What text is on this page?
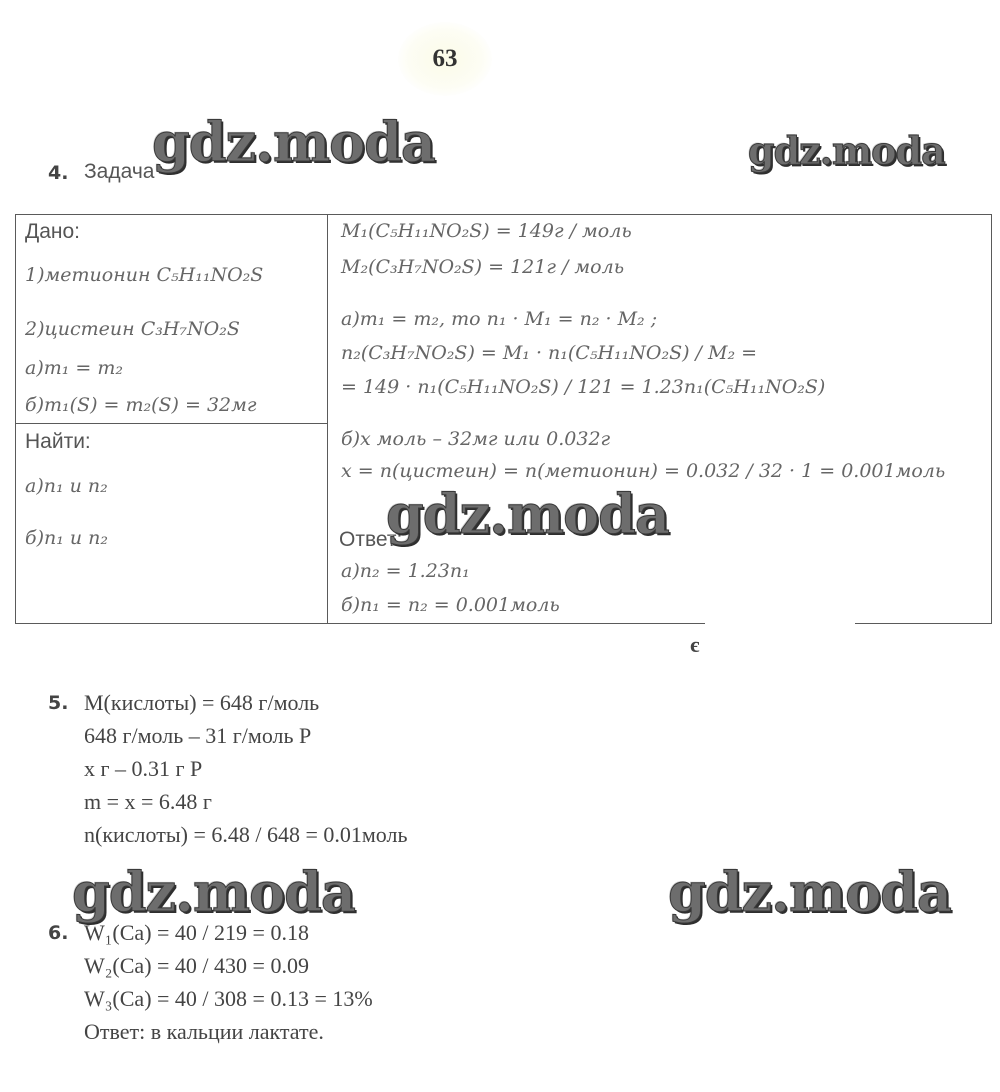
63
gdz.moda	gdz.moda
4. Задача
Дано:
1)метионин C₅H₁₁NO₂S
2)цистеин C₃H₇NO₂S
а)m₁ = m₂
б)m₁(S) = m₂(S) = 32мг
Найти:
а)n₁ и n₂
б)n₁ и n₂
M₁(C₅H₁₁NO₂S) = 149г / моль
M₂(C₃H₇NO₂S) = 121г / моль
а)m₁ = m₂, то n₁ · M₁ = n₂ · M₂ ;
n₂(C₃H₇NO₂S) = M₁ · n₁(C₅H₁₁NO₂S) / M₂ =
= 149 · n₁(C₅H₁₁NO₂S) / 121 = 1.23n₁(C₅H₁₁NO₂S)
б)x моль – 32мг или 0.032г
x = n(цистеин) = n(метионин) = 0.032 / 32 · 1 = 0.001моль
Ответ:
а)n₂ = 1.23n₁
б)n₁ = n₂ = 0.001моль
gdz.moda
є
5. M(кислоты) = 648 г/моль
648 г/моль – 31 г/моль P
x г – 0.31 г P
m = x = 6.48 г
n(кислоты) = 6.48 / 648 = 0.01моль
gdz.moda	gdz.moda
6. W₁(Ca) = 40 / 219 = 0.18
W₂(Ca) = 40 / 430 = 0.09
W₃(Ca) = 40 / 308 = 0.13 = 13%
Ответ: в кальции лактате.
